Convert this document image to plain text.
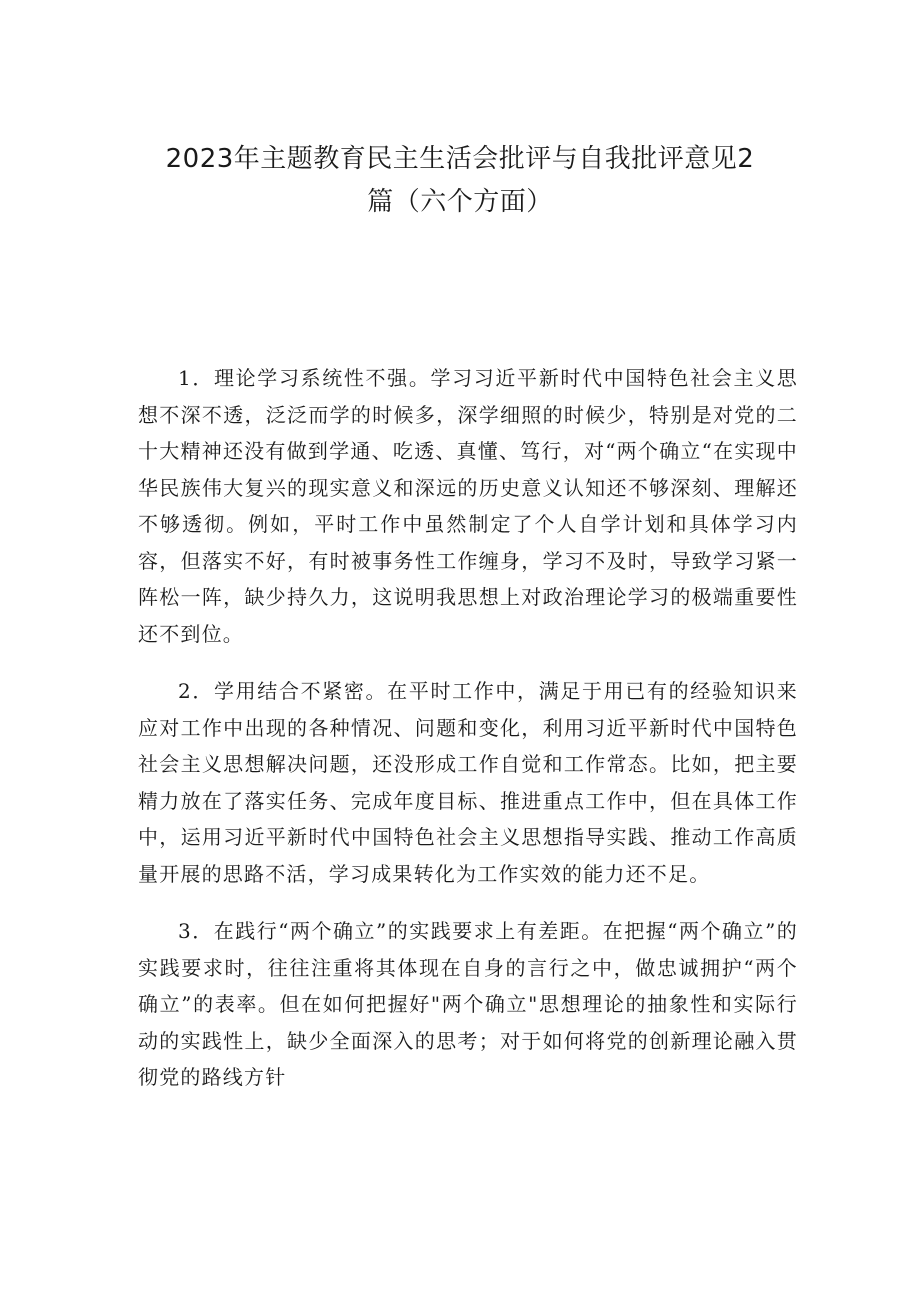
2023年主题教育民主生活会批评与自我批评意见2
篇（六个方面）

1．理论学习系统性不强。学习习近平新时代中国特色社会主义思想不深不透，泛泛而学的时候多，深学细照的时候少，特别是对党的二十大精神还没有做到学通、吃透、真懂、笃行，对“两个确立“在实现中华民族伟大复兴的现实意义和深远的历史意义认知还不够深刻、理解还不够透彻。例如，平时工作中虽然制定了个人自学计划和具体学习内容，但落实不好，有时被事务性工作缠身，学习不及时，导致学习紧一阵松一阵，缺少持久力，这说明我思想上对政治理论学习的极端重要性还不到位。

2．学用结合不紧密。在平时工作中，满足于用已有的经验知识来应对工作中出现的各种情况、问题和变化，利用习近平新时代中国特色社会主义思想解决问题，还没形成工作自觉和工作常态。比如，把主要精力放在了落实任务、完成年度目标、推进重点工作中，但在具体工作中，运用习近平新时代中国特色社会主义思想指导实践、推动工作高质量开展的思路不活，学习成果转化为工作实效的能力还不足。

3．在践行“两个确立”的实践要求上有差距。在把握“两个确立”的实践要求时，往往注重将其体现在自身的言行之中，做忠诚拥护“两个确立”的表率。但在如何把握好"两个确立"思想理论的抽象性和实际行动的实践性上，缺少全面深入的思考；对于如何将党的创新理论融入贯彻党的路线方针
